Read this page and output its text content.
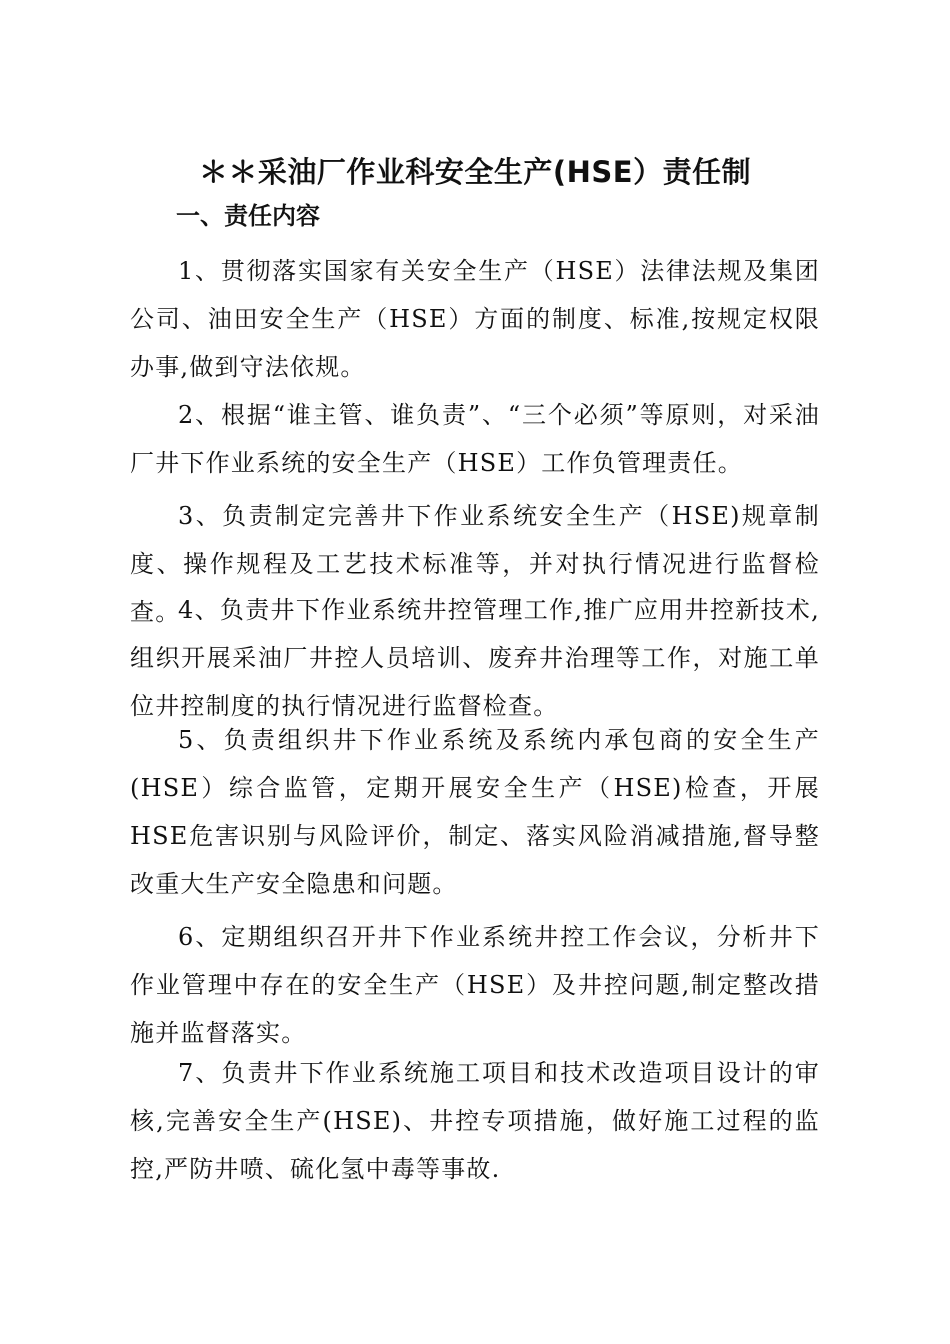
＊＊采油厂作业科安全生产(HSE）责任制
一、责任内容

1、贯彻落实国家有关安全生产（HSE）法律法规及集团公司、油田安全生产（HSE）方面的制度、标准,按规定权限办事,做到守法依规。

2、根据“谁主管、谁负责”、“三个必须”等原则，对采油厂井下作业系统的安全生产（HSE）工作负管理责任。

3、负责制定完善井下作业系统安全生产（HSE)规章制度、操作规程及工艺技术标准等，并对执行情况进行监督检查。

4、负责井下作业系统井控管理工作,推广应用井控新技术,组织开展采油厂井控人员培训、废弃井治理等工作，对施工单位井控制度的执行情况进行监督检查。

5、负责组织井下作业系统及系统内承包商的安全生产(HSE）综合监管，定期开展安全生产（HSE)检查，开展HSE危害识别与风险评价，制定、落实风险消减措施,督导整改重大生产安全隐患和问题。

6、定期组织召开井下作业系统井控工作会议，分析井下作业管理中存在的安全生产（HSE）及井控问题,制定整改措施并监督落实。

7、负责井下作业系统施工项目和技术改造项目设计的审核,完善安全生产(HSE)、井控专项措施，做好施工过程的监控,严防井喷、硫化氢中毒等事故.
